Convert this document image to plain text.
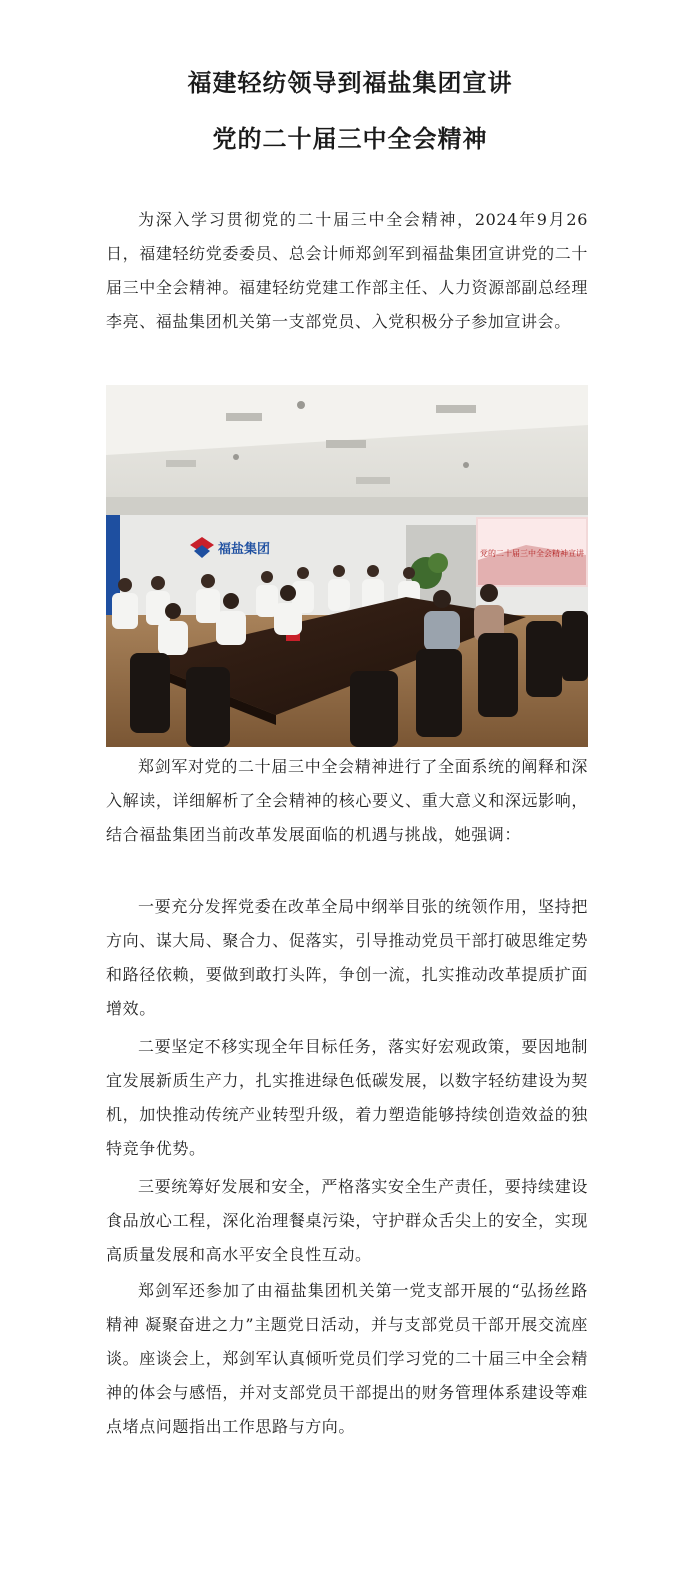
福建轻纺领导到福盐集团宣讲
党的二十届三中全会精神

为深入学习贯彻党的二十届三中全会精神，2024年9月26日，福建轻纺党委委员、总会计师郑剑军到福盐集团宣讲党的二十届三中全会精神。福建轻纺党建工作部主任、人力资源部副总经理李亮、福盐集团机关第一支部党员、入党积极分子参加宣讲会。

党的二十届三中全会精神宣讲
福盐集团

郑剑军对党的二十届三中全会精神进行了全面系统的阐释和深入解读，详细解析了全会精神的核心要义、重大意义和深远影响，结合福盐集团当前改革发展面临的机遇与挑战，她强调：

一要充分发挥党委在改革全局中纲举目张的统领作用，坚持把方向、谋大局、聚合力、促落实，引导推动党员干部打破思维定势和路径依赖，要做到敢打头阵，争创一流，扎实推动改革提质扩面增效。

二要坚定不移实现全年目标任务，落实好宏观政策，要因地制宜发展新质生产力，扎实推进绿色低碳发展，以数字轻纺建设为契机，加快推动传统产业转型升级，着力塑造能够持续创造效益的独特竞争优势。

三要统筹好发展和安全，严格落实安全生产责任，要持续建设食品放心工程，深化治理餐桌污染，守护群众舌尖上的安全，实现高质量发展和高水平安全良性互动。

郑剑军还参加了由福盐集团机关第一党支部开展的“弘扬丝路精神 凝聚奋进之力”主题党日活动，并与支部党员干部开展交流座谈。座谈会上，郑剑军认真倾听党员们学习党的二十届三中全会精神的体会与感悟，并对支部党员干部提出的财务管理体系建设等难点堵点问题指出工作思路与方向。
